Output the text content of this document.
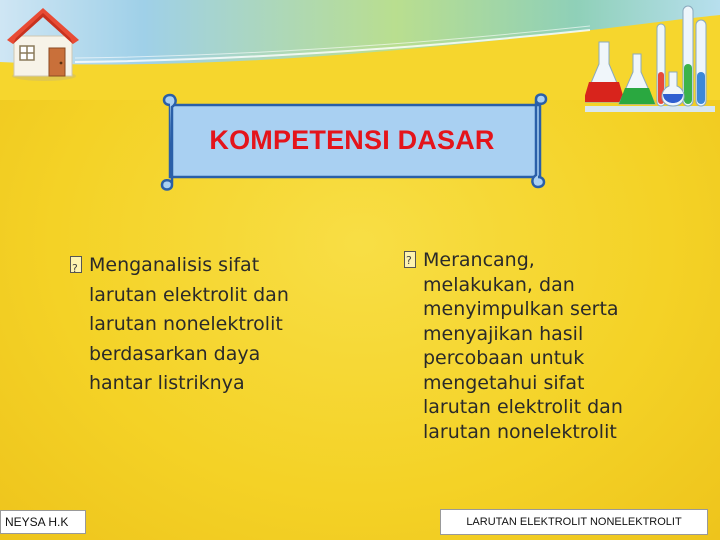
KOMPETENSI DASAR
?Menganalisis sifat
larutan elektrolit dan larutan nonelektrolit berdasarkan daya hantar listriknya
?Merancang,
melakukan, dan menyimpulkan serta menyajikan hasil percobaan untuk mengetahui sifat larutan elektrolit dan larutan nonelektrolit
NEYSA H.K	LARUTAN ELEKTROLIT NONELEKTROLIT
